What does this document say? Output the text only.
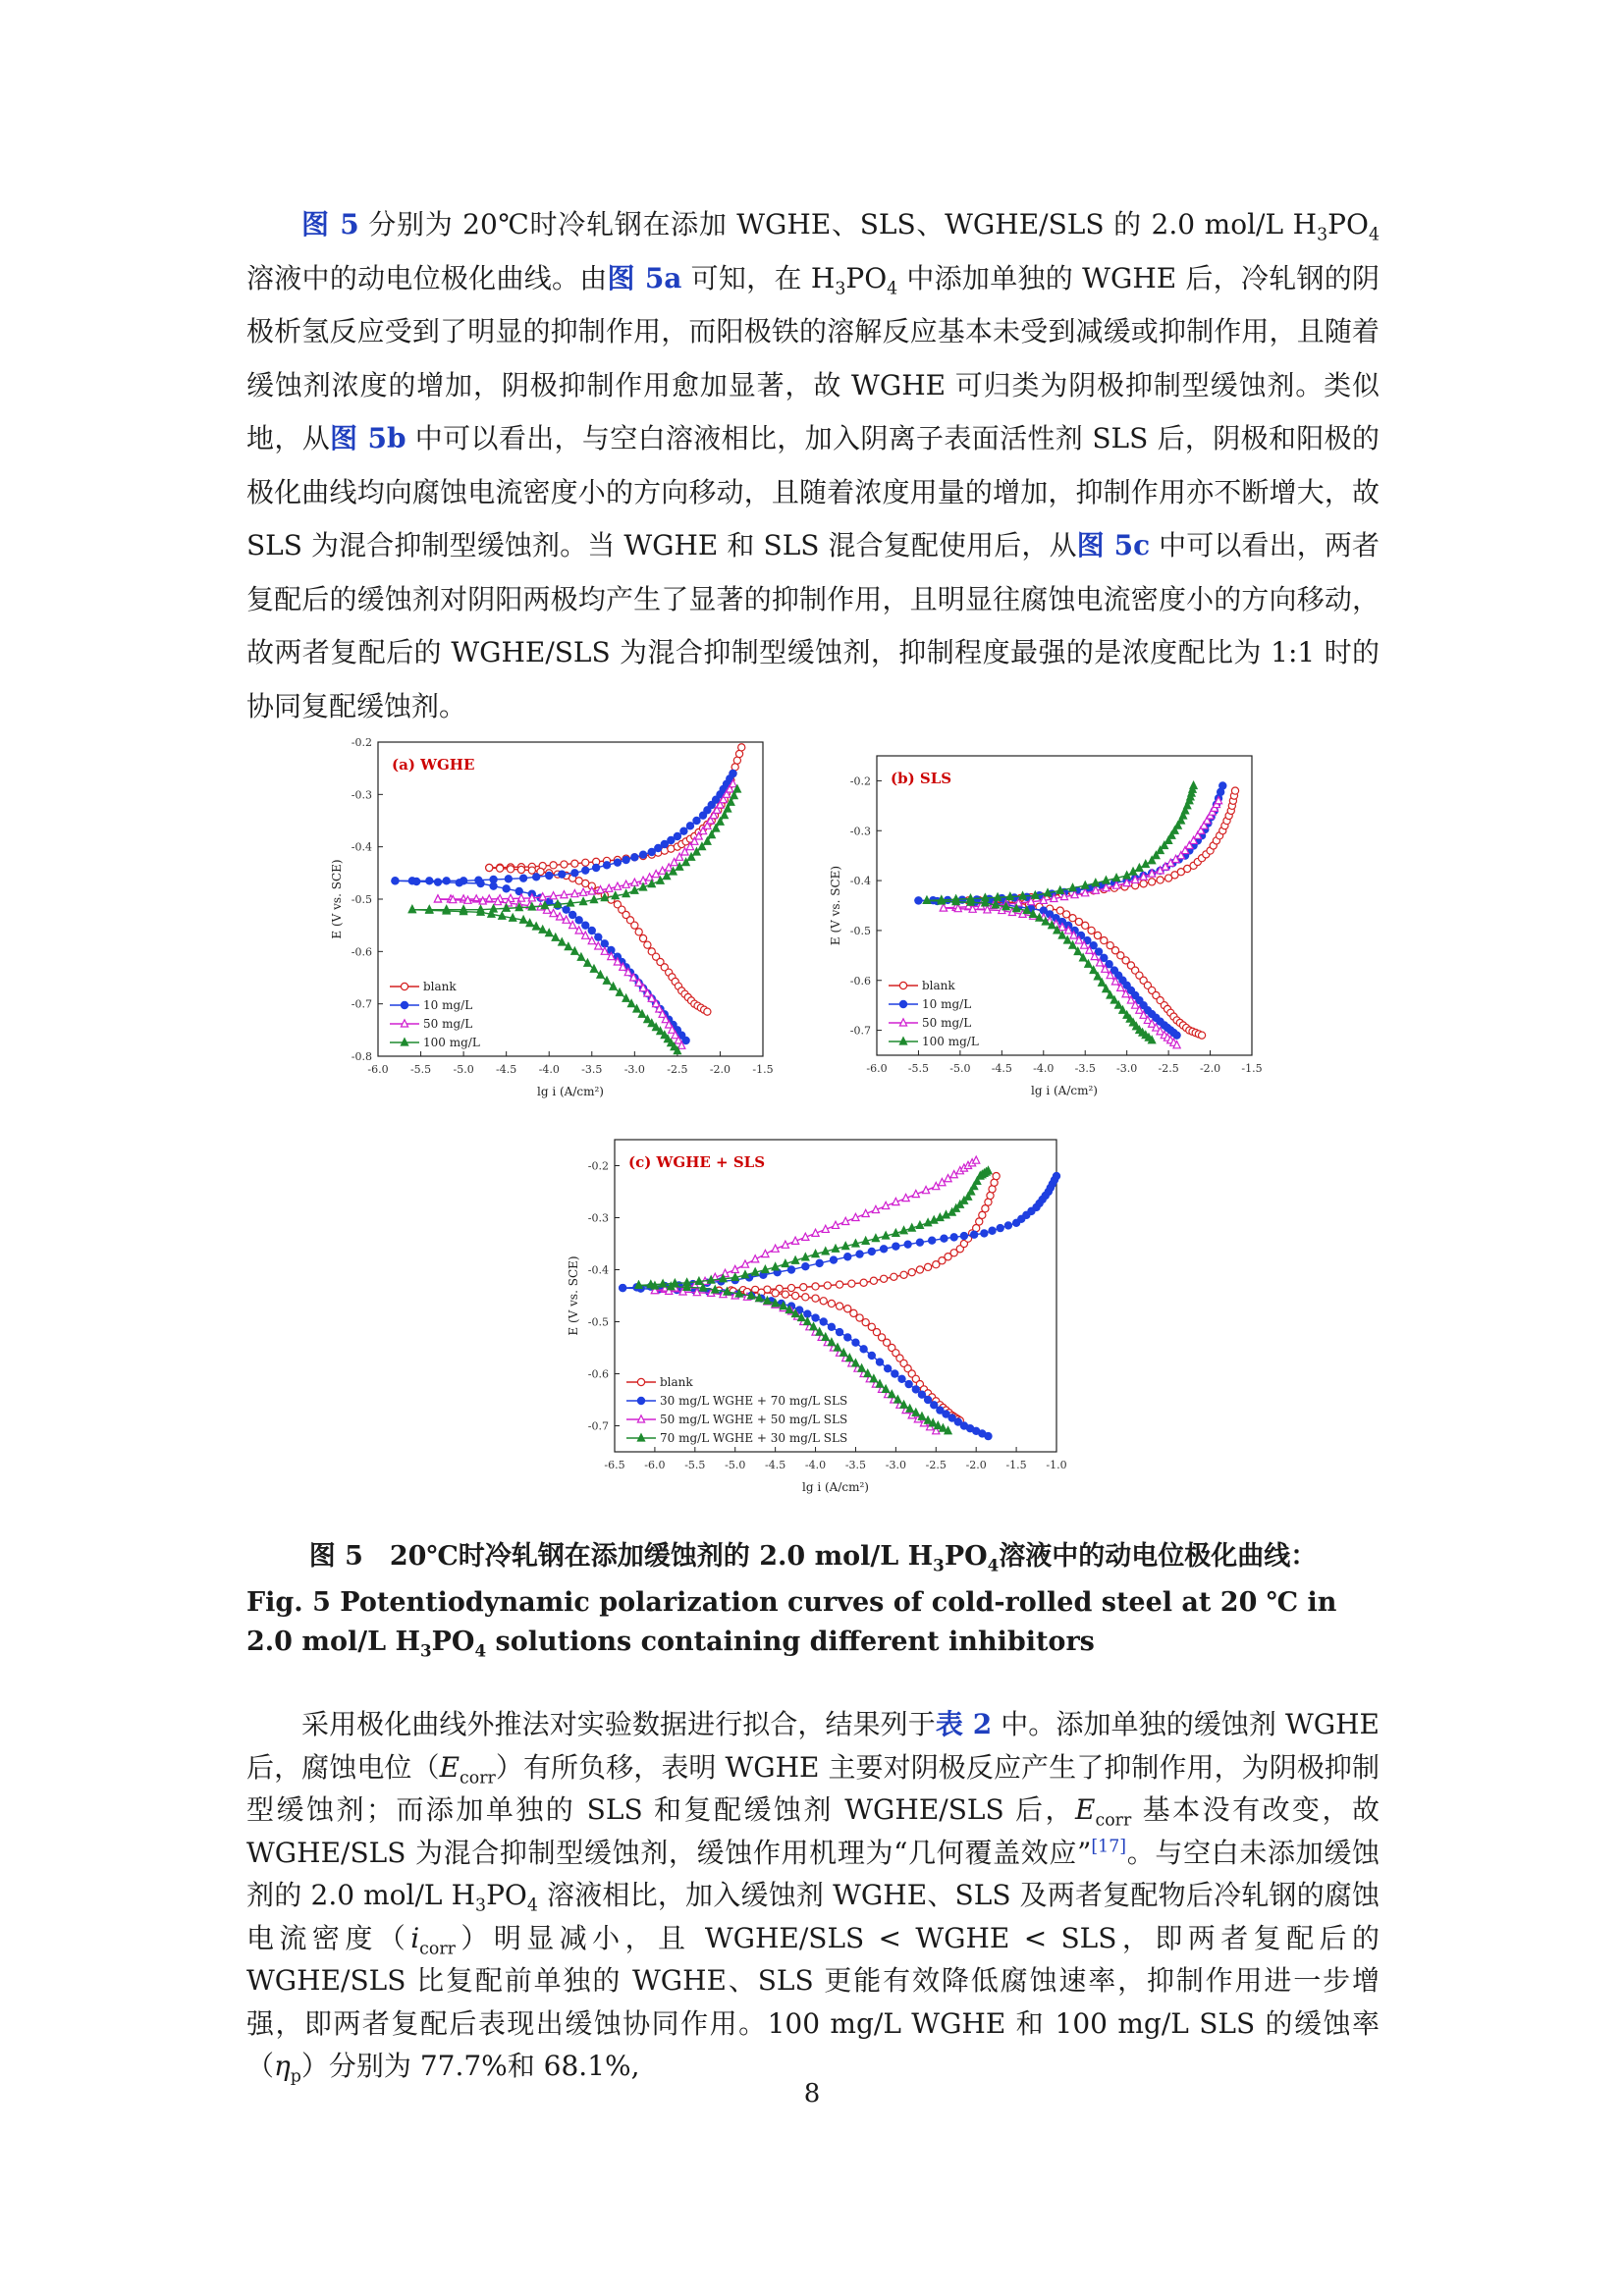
图 5 分别为 20℃时冷轧钢在添加 WGHE、SLS、WGHE/SLS 的 2.0 mol/L $H_3PO_4$ 溶液中的动电位极化曲线。由图 5a 可知，在 $H_3PO_4$ 中添加单独的 WGHE 后，冷轧钢的阴极析氢反应受到了明显的抑制作用，而阳极铁的溶解反应基本未受到减缓或抑制作用，且随着缓蚀剂浓度的增加，阴极抑制作用愈加显著，故 WGHE 可归类为阴极抑制型缓蚀剂。类似地，从图 5b 中可以看出，与空白溶液相比，加入阴离子表面活性剂 SLS 后，阴极和阳极的极化曲线均向腐蚀电流密度小的方向移动，且随着浓度用量的增加，抑制作用亦不断增大，故 SLS 为混合抑制型缓蚀剂。当 WGHE 和 SLS 混合复配使用后，从图 5c 中可以看出，两者复配后的缓蚀剂对阴阳两极均产生了显著的抑制作用，且明显往腐蚀电流密度小的方向移动，故两者复配后的 WGHE/SLS 为混合抑制型缓蚀剂，抑制程度最强的是浓度配比为 1:1 时的协同复配缓蚀剂。

-6.0 -5.5 -5.0 -4.5 -4.0 -3.5 -3.0 -2.5 -2.0 -1.5
-0.8
-0.7
-0.6
-0.5
-0.4
-0.3
-0.2
lg i (A/cm²)
E (V vs. SCE)
(a) WGHE
blank
10 mg/L
50 mg/L
100 mg/L
-6.0 -5.5 -5.0 -4.5 -4.0 -3.5 -3.0 -2.5 -2.0 -1.5
-0.7
-0.6
-0.5
-0.4
-0.3
-0.2
lg i (A/cm²)
E (V vs. SCE)
(b) SLS
blank
10 mg/L
50 mg/L
100 mg/L
-6.5 -6.0 -5.5 -5.0 -4.5 -4.0 -3.5 -3.0 -2.5 -2.0 -1.5 -1.0
-0.7
-0.6
-0.5
-0.4
-0.3
-0.2
lg i (A/cm²)
E (V vs. SCE)
(c) WGHE + SLS
blank
30 mg/L WGHE + 70 mg/L SLS
50 mg/L WGHE + 50 mg/L SLS
70 mg/L WGHE + 30 mg/L SLS

图 5　20℃时冷轧钢在添加缓蚀剂的 2.0 mol/L $H_3PO_4$溶液中的动电位极化曲线：

Fig. 5 Potentiodynamic polarization curves of cold-rolled steel at 20 ℃ in 2.0 mol/L $H_3PO_4$ solutions containing different inhibitors

采用极化曲线外推法对实验数据进行拟合，结果列于表 2 中。添加单独的缓蚀剂 WGHE 后，腐蚀电位$(E_{corr})$有所负移，表明 WGHE 主要对阴极反应产生了抑制作用，为阴极抑制型缓蚀剂；而添加单独的 SLS 和复配缓蚀剂 WGHE/SLS 后，$E_{corr}$ 基本没有改变，故 WGHE/SLS 为混合抑制型缓蚀剂，缓蚀作用机理为“几何覆盖效应”[17]。与空白未添加缓蚀剂的 2.0 mol/L $H_3PO_4$ 溶液相比，加入缓蚀剂 WGHE、SLS 及两者复配物后冷轧钢的腐蚀电流密度$(i_{corr})$明显减小，且 WGHE/SLS < WGHE < SLS，即两者复配后的 WGHE/SLS 比复配前单独的 WGHE、SLS 更能有效降低腐蚀速率，抑制作用进一步增强，即两者复配后表现出缓蚀协同作用。100 mg/L WGHE 和 100 mg/L SLS 的缓蚀率$(\eta_p)$分别为 77.7%和 68.1%,

8
